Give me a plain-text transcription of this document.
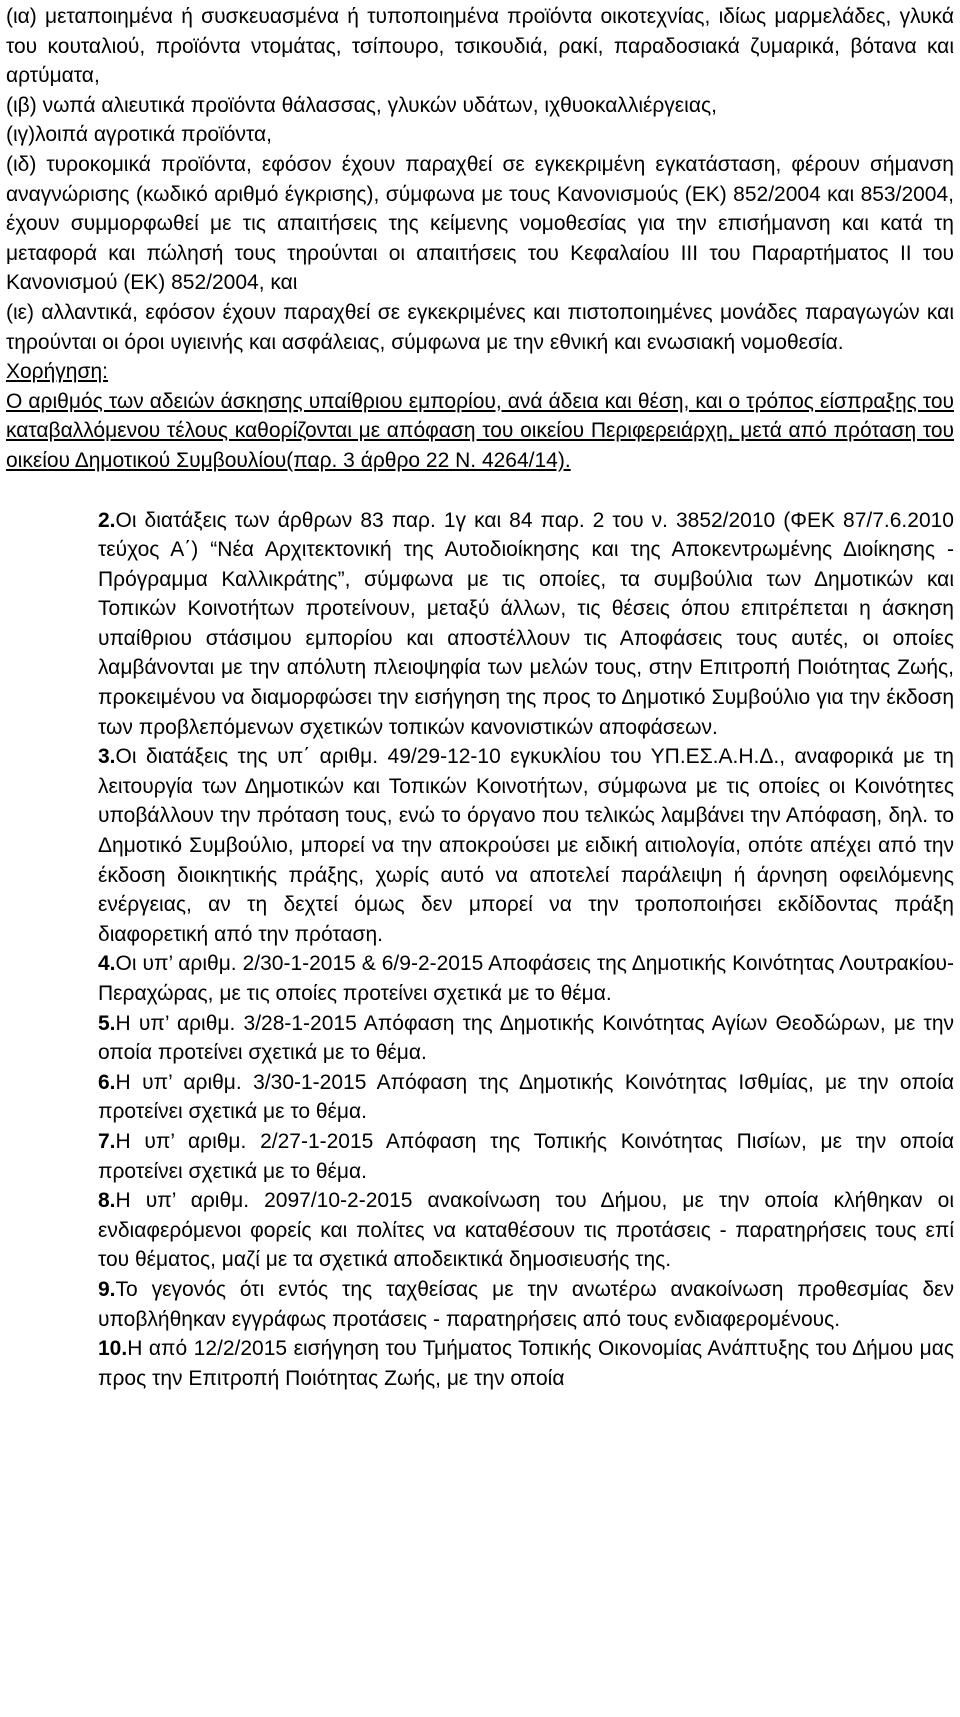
(ια) μεταποιημένα ή συσκευασμένα ή τυποποιημένα προϊόντα οικοτεχνίας, ιδίως μαρμελάδες, γλυκά του κουταλιού, προϊόντα ντομάτας, τσίπουρο, τσικουδιά, ρακί, παραδοσιακά ζυμαρικά, βότανα και αρτύματα,

(ιβ) νωπά αλιευτικά προϊόντα θάλασσας, γλυκών υδάτων, ιχθυοκαλλιέργειας,

(ιγ)λοιπά αγροτικά προϊόντα,

(ιδ) τυροκομικά προϊόντα, εφόσον έχουν παραχθεί σε εγκεκριμένη εγκατάσταση, φέρουν σήμανση αναγνώρισης (κωδικό αριθμό έγκρισης), σύμφωνα με τους Κανονισμούς (ΕΚ) 852/2004 και 853/2004, έχουν συμμορφωθεί με τις απαιτήσεις της κείμενης νομοθεσίας για την επισήμανση και κατά τη μεταφορά και πώλησή τους τηρούνται οι απαιτήσεις του Κεφαλαίου ΙΙΙ του Παραρτήματος ΙΙ του Κανονισμού (ΕΚ) 852/2004, και

(ιε) αλλαντικά, εφόσον έχουν παραχθεί σε εγκεκριμένες και πιστοποιημένες μονάδες παραγωγών και τηρούνται οι όροι υγιεινής και ασφάλειας, σύμφωνα με την εθνική και ενωσιακή νομοθεσία.

Χορήγηση:

Ο αριθμός των αδειών άσκησης υπαίθριου εμπορίου, ανά άδεια και θέση, και ο τρόπος είσπραξης του καταβαλλόμενου τέλους καθορίζονται με απόφαση του οικείου Περιφερειάρχη, μετά από πρόταση του οικείου Δημοτικού Συμβουλίου(παρ. 3 άρθρο 22 Ν. 4264/14).

2.Οι διατάξεις των άρθρων 83 παρ. 1γ και 84 παρ. 2 του ν. 3852/2010 (ΦΕΚ 87/7.6.2010 τεύχος Α΄) “Νέα Αρχιτεκτονική της Αυτοδιοίκησης και της Αποκεντρωμένης Διοίκησης - Πρόγραμμα Καλλικράτης”, σύμφωνα με τις οποίες, τα συμβούλια των Δημοτικών και Τοπικών Κοινοτήτων προτείνουν, μεταξύ άλλων, τις θέσεις όπου επιτρέπεται η άσκηση υπαίθριου στάσιμου εμπορίου και αποστέλλουν τις Αποφάσεις τους αυτές, οι οποίες λαμβάνονται με την απόλυτη πλειοψηφία των μελών τους, στην Επιτροπή Ποιότητας Ζωής, προκειμένου να διαμορφώσει την εισήγηση της προς το Δημοτικό Συμβούλιο για την έκδοση των προβλεπόμενων σχετικών τοπικών κανονιστικών αποφάσεων.

3.Οι διατάξεις της υπ΄ αριθμ. 49/29-12-10 εγκυκλίου του ΥΠ.ΕΣ.Α.Η.Δ., αναφορικά με τη λειτουργία των Δημοτικών και Τοπικών Κοινοτήτων, σύμφωνα με τις οποίες οι Κοινότητες υποβάλλουν την πρόταση τους, ενώ το όργανο που τελικώς λαμβάνει την Απόφαση, δηλ. το Δημοτικό Συμβούλιο, μπορεί να την αποκρούσει με ειδική αιτιολογία, οπότε απέχει από την έκδοση διοικητικής πράξης, χωρίς αυτό να αποτελεί παράλειψη ή άρνηση οφειλόμενης ενέργειας, αν τη δεχτεί όμως δεν μπορεί να την τροποποιήσει εκδίδοντας πράξη διαφορετική από την πρόταση.

4.Οι υπ’ αριθμ. 2/30-1-2015 & 6/9-2-2015 Αποφάσεις της Δημοτικής Κοινότητας Λουτρακίου-Περαχώρας, με τις οποίες προτείνει σχετικά με το θέμα.

5.Η υπ’ αριθμ. 3/28-1-2015 Απόφαση της Δημοτικής Κοινότητας Αγίων Θεοδώρων, με την οποία προτείνει σχετικά με το θέμα.

6.Η υπ’ αριθμ. 3/30-1-2015 Απόφαση της Δημοτικής Κοινότητας Ισθμίας, με την οποία προτείνει σχετικά με το θέμα.

7.Η υπ’ αριθμ. 2/27-1-2015 Απόφαση της Τοπικής Κοινότητας Πισίων, με την οποία προτείνει σχετικά με το θέμα.

8.Η υπ’ αριθμ. 2097/10-2-2015 ανακοίνωση του Δήμου, με την οποία κλήθηκαν οι ενδιαφερόμενοι φορείς και πολίτες να καταθέσουν τις προτάσεις - παρατηρήσεις τους επί του θέματος, μαζί με τα σχετικά αποδεικτικά δημοσιευσής της.

9.Το γεγονός ότι εντός της ταχθείσας με την ανωτέρω ανακοίνωση προθεσμίας δεν υποβλήθηκαν εγγράφως προτάσεις - παρατηρήσεις από τους ενδιαφερομένους.

10.Η από 12/2/2015 εισήγηση του Τμήματος Τοπικής Οικονομίας Ανάπτυξης του Δήμου μας προς την Επιτροπή Ποιότητας Ζωής, με την οποία
